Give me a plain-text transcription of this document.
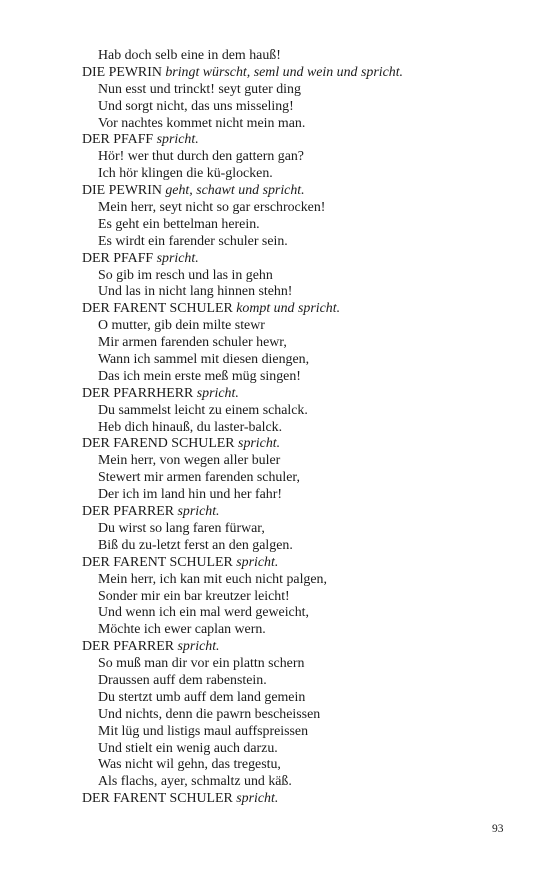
Hab doch selb eine in dem hauß!
DIE PEWRIN bringt würscht, seml und wein und spricht.
Nun esst und trinckt! seyt guter ding
Und sorgt nicht, das uns misseling!
Vor nachtes kommet nicht mein man.
DER PFAFF spricht.
Hör! wer thut durch den gattern gan?
Ich hör klingen die kü-glocken.
DIE PEWRIN geht, schawt und spricht.
Mein herr, seyt nicht so gar erschrocken!
Es geht ein bettelman herein.
Es wirdt ein farender schuler sein.
DER PFAFF spricht.
So gib im resch und las in gehn
Und las in nicht lang hinnen stehn!
DER FARENT SCHULER kompt und spricht.
O mutter, gib dein milte stewr
Mir armen farenden schuler hewr,
Wann ich sammel mit diesen diengen,
Das ich mein erste meß müg singen!
DER PFARRHERR spricht.
Du sammelst leicht zu einem schalck.
Heb dich hinauß, du laster-balck.
DER FAREND SCHULER spricht.
Mein herr, von wegen aller buler
Stewert mir armen farenden schuler,
Der ich im land hin und her fahr!
DER PFARRER spricht.
Du wirst so lang faren fürwar,
Biß du zu-letzt ferst an den galgen.
DER FARENT SCHULER spricht.
Mein herr, ich kan mit euch nicht palgen,
Sonder mir ein bar kreutzer leicht!
Und wenn ich ein mal werd geweicht,
Möchte ich ewer caplan wern.
DER PFARRER spricht.
So muß man dir vor ein plattn schern
Draussen auff dem rabenstein.
Du stertzt umb auff dem land gemein
Und nichts, denn die pawrn bescheissen
Mit lüg und listigs maul auffspreissen
Und stielt ein wenig auch darzu.
Was nicht wil gehn, das tregestu,
Als flachs, ayer, schmaltz und käß.
DER FARENT SCHULER spricht.
93
